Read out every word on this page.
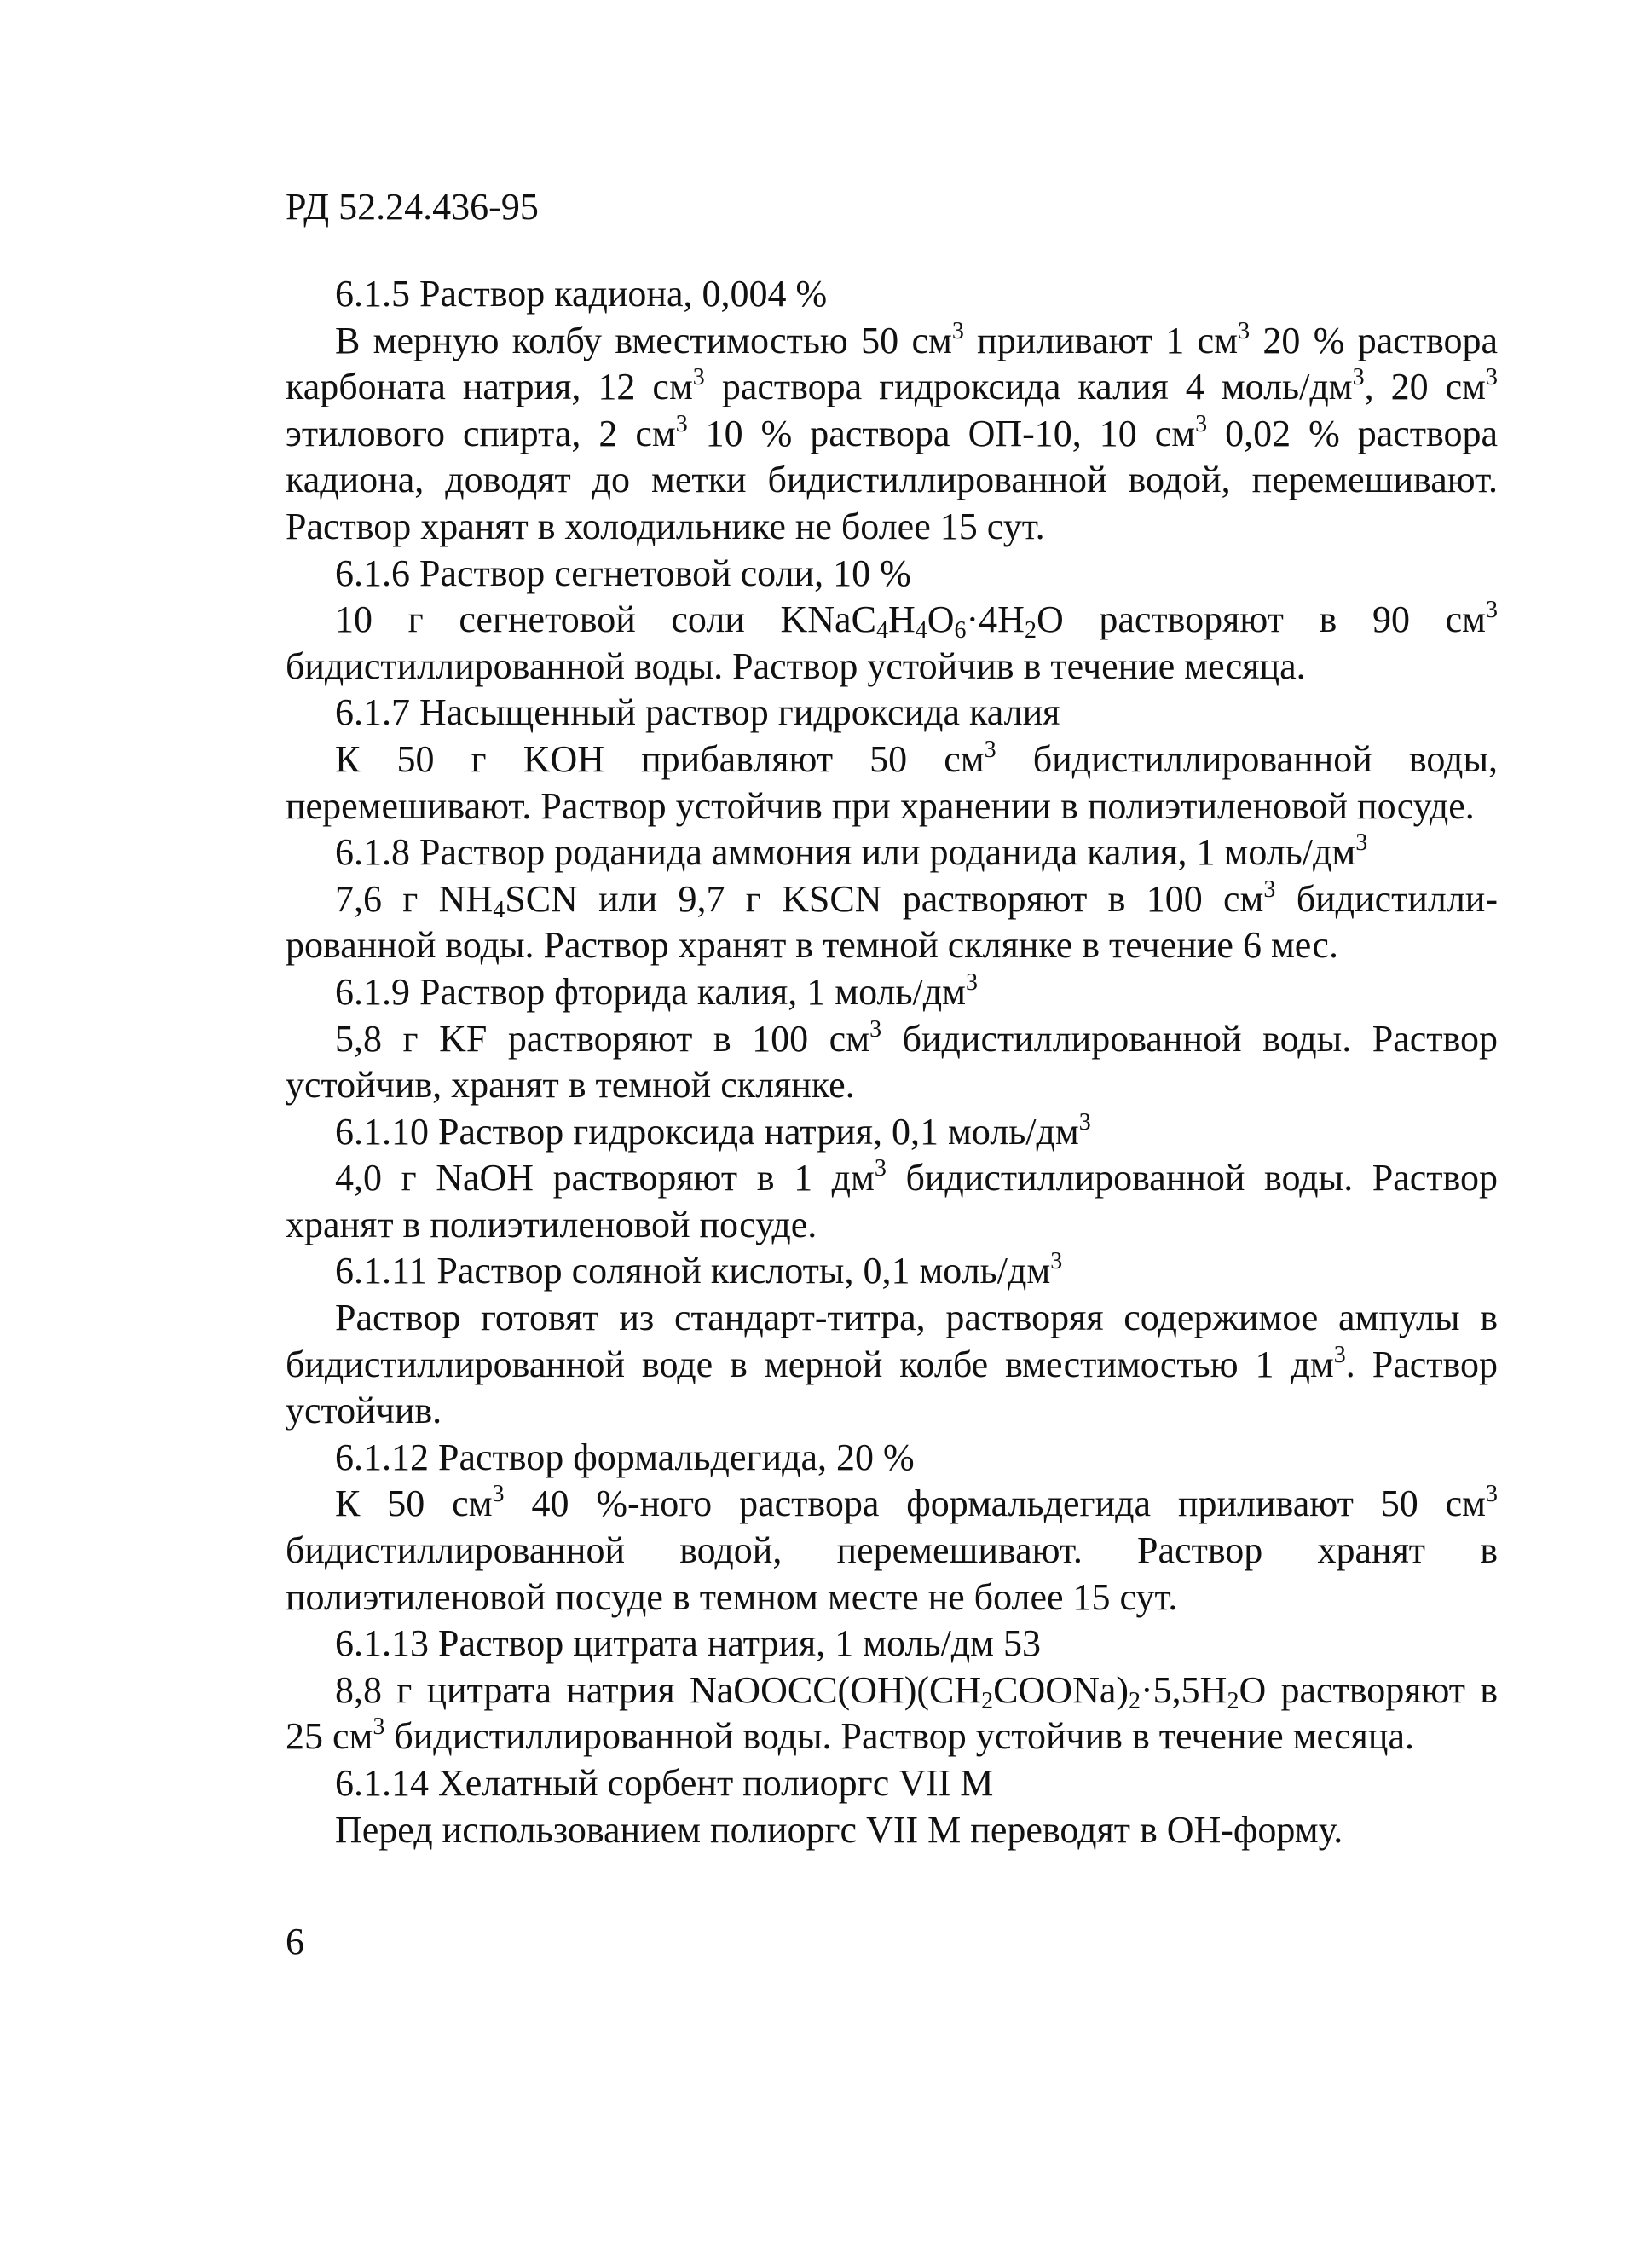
РД 52.24.436-95

6.1.5 Раствор кадиона, 0,004 %

В мерную колбу вместимостью 50 $см^3$ приливают 1 $см^3$ 20 % раствора карбоната натрия, 12 $см^3$ раствора гидроксида калия 4 моль/$дм^3$, 20 $см^3$ этилового спирта, 2 $см^3$ 10 % раствора ОП-10, 10 $см^3$ 0,02 % раствора кадиона, доводят до метки бидистиллированной водой, перемешивают. Раствор хранят в холодильнике не более 15 сут.

6.1.6 Раствор сегнетовой соли, 10 %

10 г сегнетовой соли $KNaC_4H_4O_6\cdot 4H_2O$ растворяют в 90 $см^3$ бидистиллированной воды. Раствор устойчив в течение месяца.

6.1.7 Насыщенный раствор гидроксида калия

К 50 г KOH прибавляют 50 $см^3$ бидистиллированной воды, перемешивают. Раствор устойчив при хранении в полиэтиленовой посуде.

6.1.8 Раствор роданида аммония или роданида калия, 1 моль/$дм^3$

7,6 г $NH_4SCN$ или 9,7 г KSCN растворяют в 100 $см^3$ бидистиллированной воды. Раствор хранят в темной склянке в течение 6 мес.

6.1.9 Раствор фторида калия, 1 моль/$дм^3$

5,8 г KF растворяют в 100 $см^3$ бидистиллированной воды. Раствор устойчив, хранят в темной склянке.

6.1.10 Раствор гидроксида натрия, 0,1 моль/$дм^3$

4,0 г NaOH растворяют в 1 $дм^3$ бидистиллированной воды. Раствор хранят в полиэтиленовой посуде.

6.1.11 Раствор соляной кислоты, 0,1 моль/$дм^3$

Раствор готовят из стандарт-титра, растворяя содержимое ампулы в бидистиллированной воде в мерной колбе вместимостью 1 $дм^3$. Раствор устойчив.

6.1.12 Раствор формальдегида, 20 %

К 50 $см^3$ 40 %-ного раствора формальдегида приливают 50 $см^3$ бидистиллированной водой, перемешивают. Раствор хранят в полиэтиленовой посуде в темном месте не более 15 сут.

6.1.13 Раствор цитрата натрия, 1 моль/дм 53

8,8 г цитрата натрия $NaOOCC(OH)(CH_2COONa)_2\cdot 5,5H_2O$ растворяют в 25 $см^3$ бидистиллированной воды. Раствор устойчив в течение месяца.

6.1.14 Хелатный сорбент полиоргс VII М

Перед использованием полиоргс VII М переводят в ОН-форму.

6
